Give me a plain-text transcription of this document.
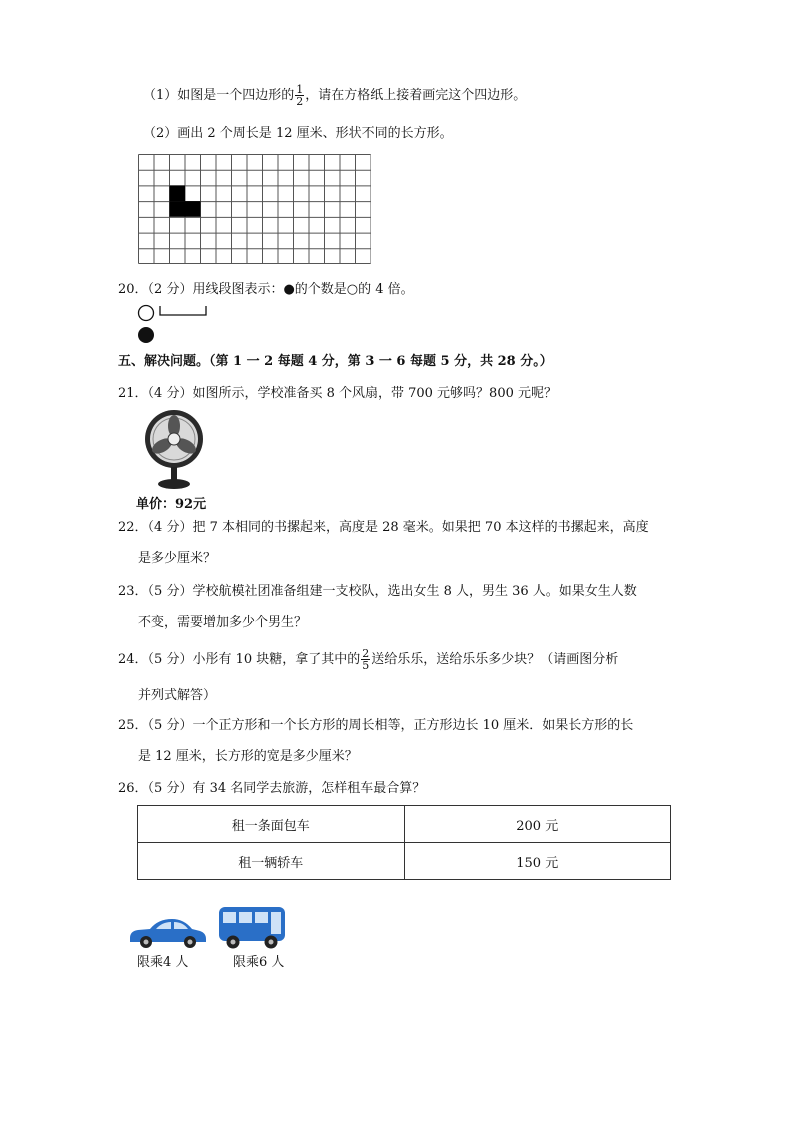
（1）如图是一个四边形的 $\frac{1}{2}$ ，请在方格纸上接着画完这个四边形。
（2）画出 2 个周长是 12 厘米、形状不同的长方形。
20．（2 分）用线段图表示：●的个数是○的 4 倍。
五、解决问题。（第 1 一 2 每题 4 分，第 3 一 6 每题 5 分，共 28 分。）
21．（4 分）如图所示，学校准备买 8 个风扇，带 700 元够吗？800 元呢？
单价：92元
22．（4 分）把 7 本相同的书摞起来，高度是 28 毫米。如果把 70 本这样的书摞起来，高度
是多少厘米？
23．（5 分）学校航模社团准备组建一支校队，选出女生 8 人，男生 36 人。如果女生人数
不变，需要增加多少个男生？
24．（5 分）小彤有 10 块糖，拿了其中的 $\frac{2}{5}$ 送给乐乐，送给乐乐多少块？（请画图分析
并列式解答）
25．（5 分）一个正方形和一个长方形的周长相等，正方形边长 10 厘米．如果长方形的长
是 12 厘米，长方形的宽是多少厘米？
26．（5 分）有 34 名同学去旅游，怎样租车最合算？
租一条面包车	200 元
租一辆轿车	150 元
限乘4 人	限乘6 人
